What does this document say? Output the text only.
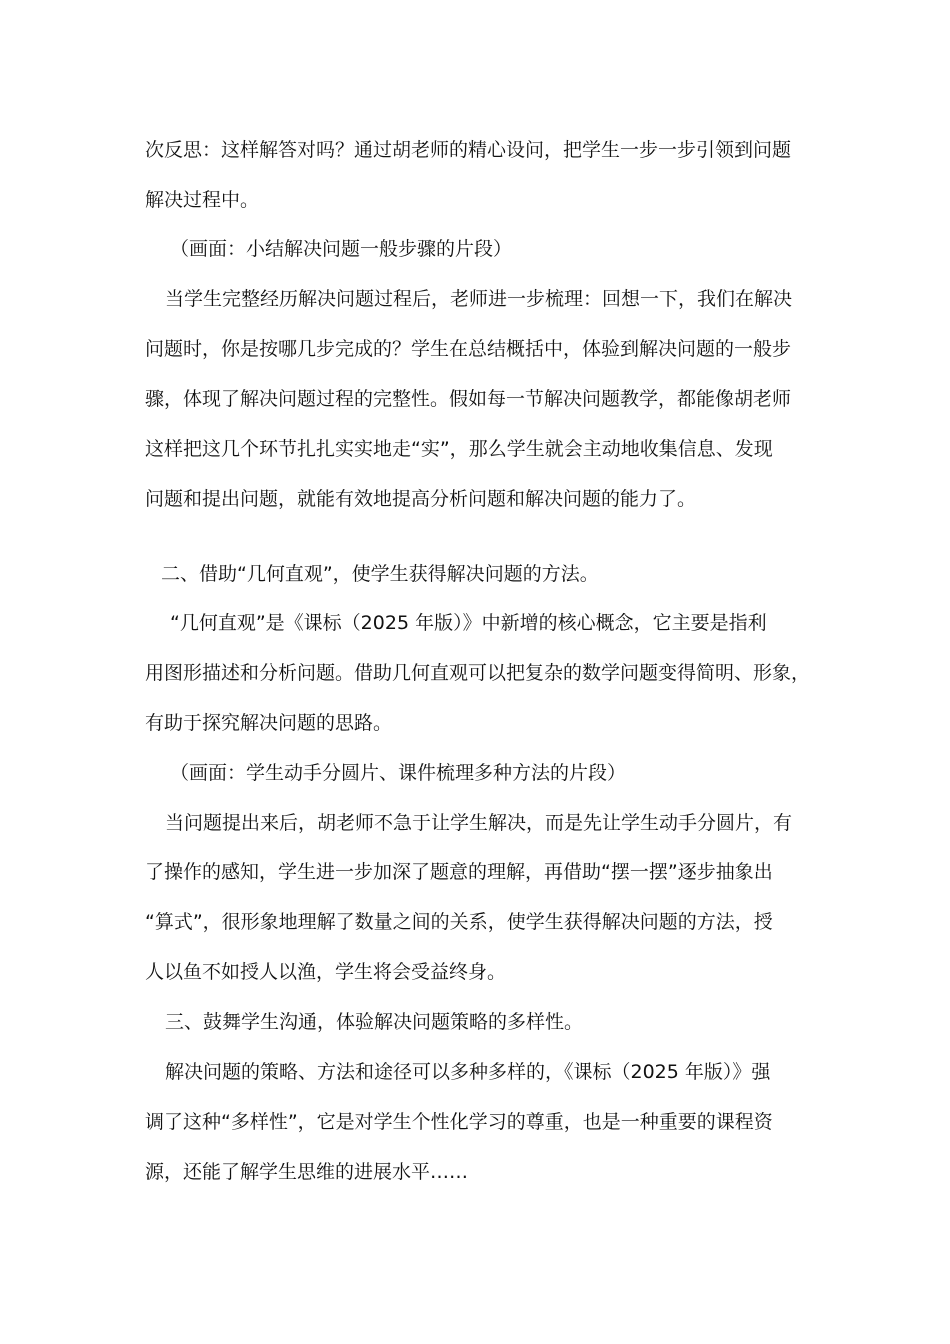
次反思：这样解答对吗？通过胡老师的精心设问，把学生一步一步引领到问题
解决过程中。
（画面：小结解决问题一般步骤的片段）
当学生完整经历解决问题过程后，老师进一步梳理：回想一下，我们在解决
问题时，你是按哪几步完成的？学生在总结概括中，体验到解决问题的一般步
骤，体现了解决问题过程的完整性。假如每一节解决问题教学，都能像胡老师
这样把这几个环节扎扎实实地走“实”，那么学生就会主动地收集信息、发现
问题和提出问题，就能有效地提高分析问题和解决问题的能力了。
二、借助“几何直观”，使学生获得解决问题的方法。
“几何直观”是《课标（2025 年版）》中新增的核心概念，它主要是指利
用图形描述和分析问题。借助几何直观可以把复杂的数学问题变得简明、形象，
有助于探究解决问题的思路。
（画面：学生动手分圆片、课件梳理多种方法的片段）
当问题提出来后，胡老师不急于让学生解决，而是先让学生动手分圆片，有
了操作的感知，学生进一步加深了题意的理解，再借助“摆一摆”逐步抽象出
“算式”，很形象地理解了数量之间的关系，使学生获得解决问题的方法，授
人以鱼不如授人以渔，学生将会受益终身。
三、鼓舞学生沟通，体验解决问题策略的多样性。
解决问题的策略、方法和途径可以多种多样的，《课标（2025 年版）》强
调了这种“多样性”，它是对学生个性化学习的尊重，也是一种重要的课程资
源，还能了解学生思维的进展水平……
